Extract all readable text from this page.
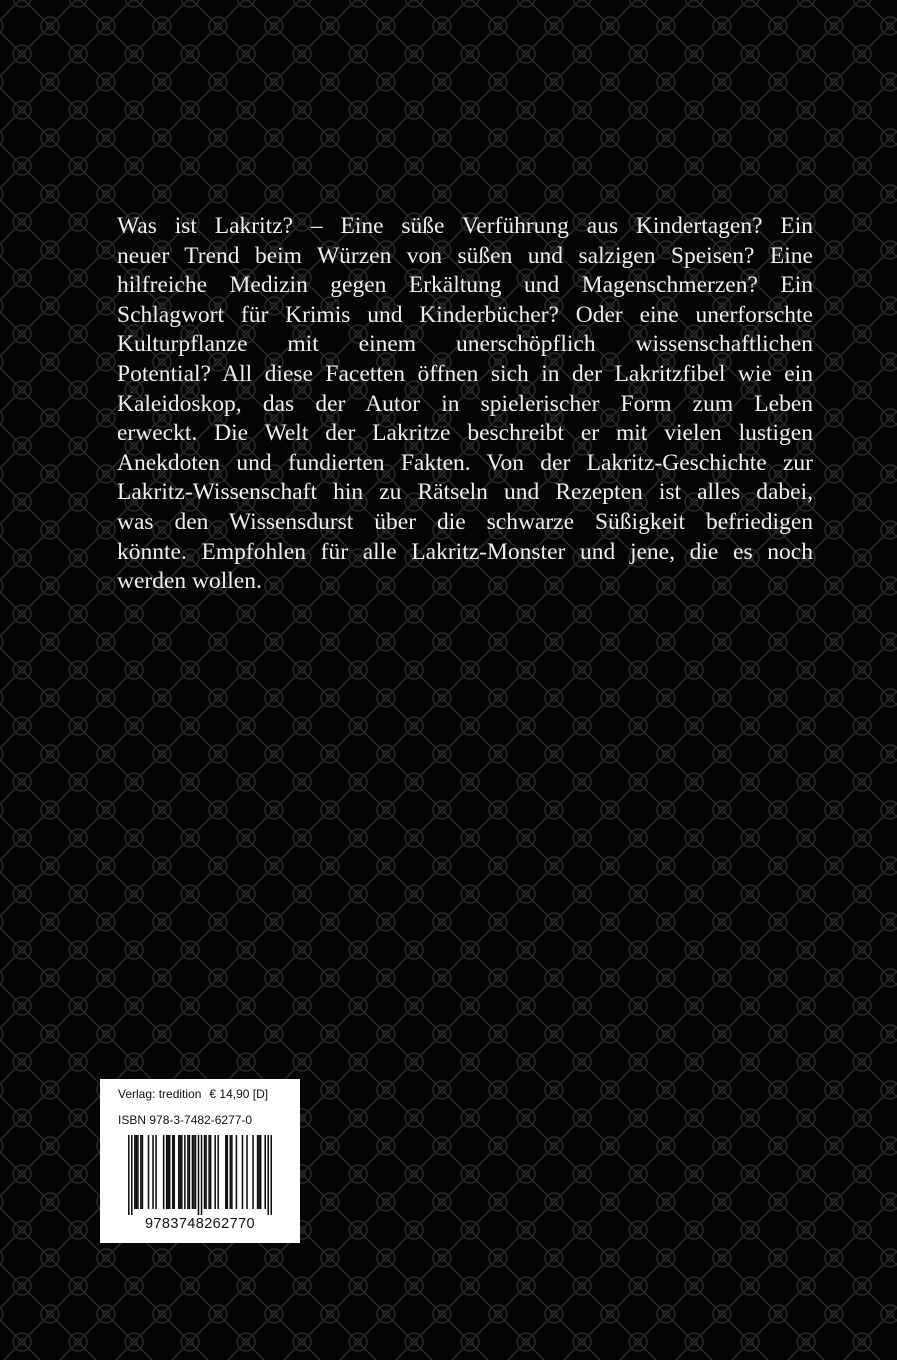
Was ist Lakritz? – Eine süße Verführung aus Kindertagen? Ein
neuer Trend beim Würzen von süßen und salzigen Speisen? Eine
hilfreiche Medizin gegen Erkältung und Magenschmerzen? Ein
Schlagwort für Krimis und Kinderbücher? Oder eine unerforschte
Kulturpflanze mit einem unerschöpflich wissenschaftlichen
Potential? All diese Facetten öffnen sich in der Lakritzfibel wie ein
Kaleidoskop, das der Autor in spielerischer Form zum Leben
erweckt. Die Welt der Lakritze beschreibt er mit vielen lustigen
Anekdoten und fundierten Fakten. Von der Lakritz-Geschichte zur
Lakritz-Wissenschaft hin zu Rätseln und Rezepten ist alles dabei,
was den Wissensdurst über die schwarze Süßigkeit befriedigen
könnte. Empfohlen für alle Lakritz-Monster und jene, die es noch
werden wollen.
Verlag: tredition € 14,90 [D]
ISBN 978-3-7482-6277-0
9783748262770
